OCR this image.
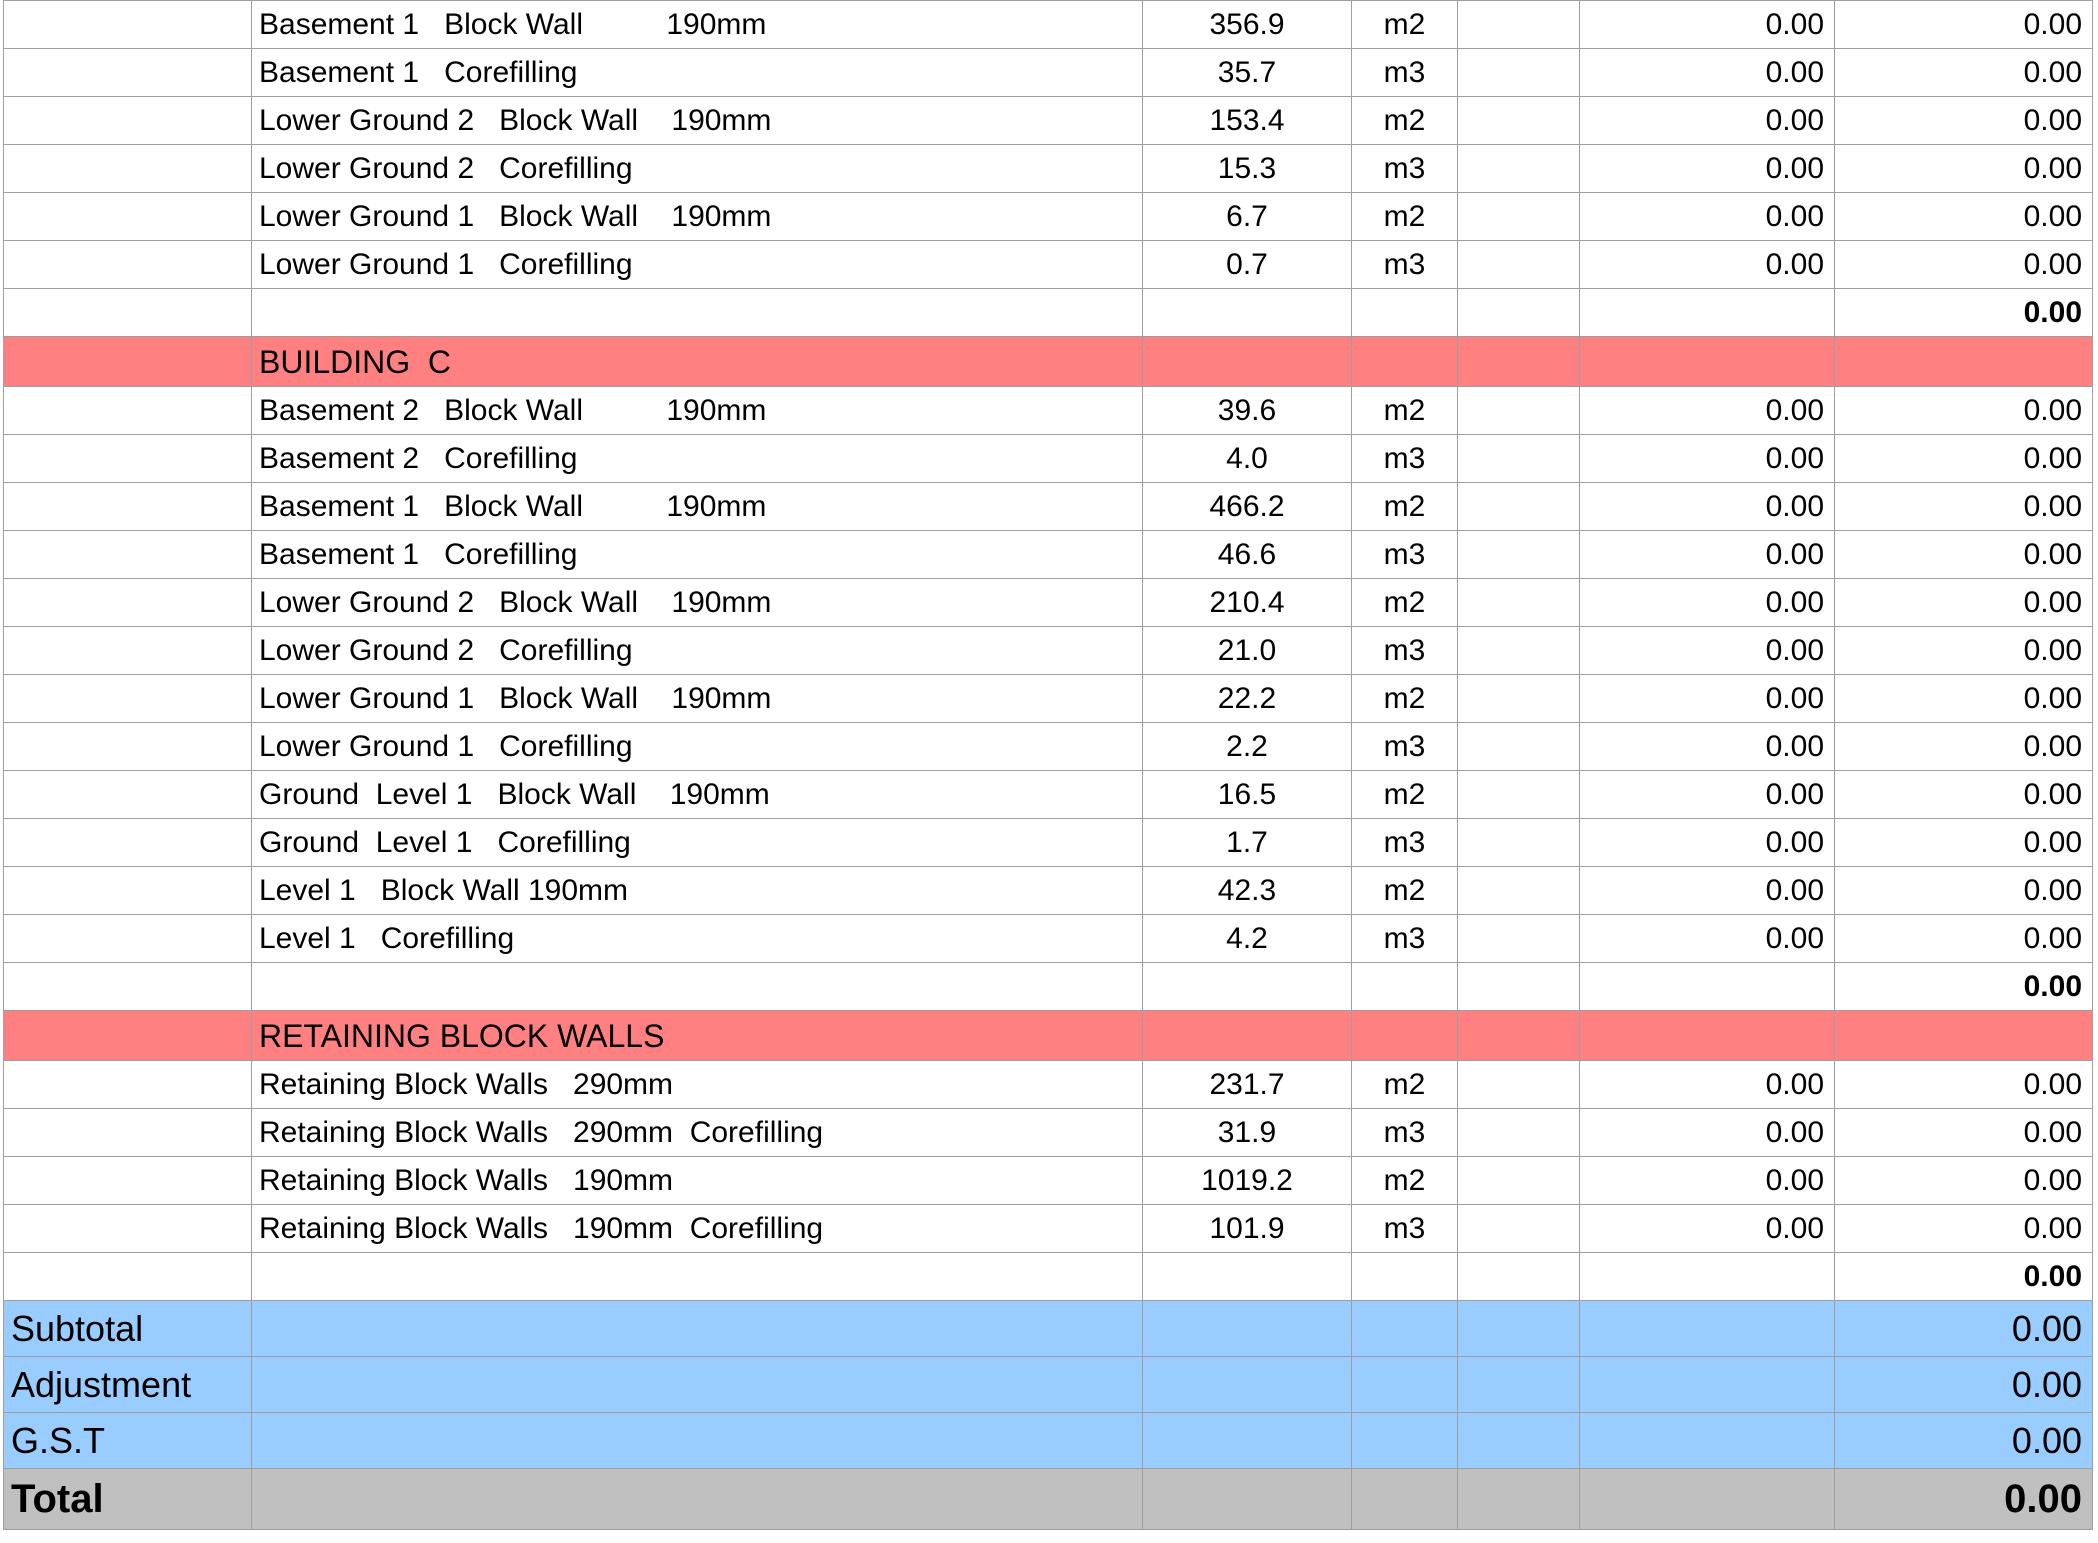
	Basement 1   Block Wall          190mm	356.9	m2		0.00	0.00
	Basement 1   Corefilling	35.7	m3		0.00	0.00
	Lower Ground 2   Block Wall    190mm	153.4	m2		0.00	0.00
	Lower Ground 2   Corefilling	15.3	m3		0.00	0.00
	Lower Ground 1   Block Wall    190mm	6.7	m2		0.00	0.00
	Lower Ground 1   Corefilling	0.7	m3		0.00	0.00
						0.00
	BUILDING  C					
	Basement 2   Block Wall          190mm	39.6	m2		0.00	0.00
	Basement 2   Corefilling	4.0	m3		0.00	0.00
	Basement 1   Block Wall          190mm	466.2	m2		0.00	0.00
	Basement 1   Corefilling	46.6	m3		0.00	0.00
	Lower Ground 2   Block Wall    190mm	210.4	m2		0.00	0.00
	Lower Ground 2   Corefilling	21.0	m3		0.00	0.00
	Lower Ground 1   Block Wall    190mm	22.2	m2		0.00	0.00
	Lower Ground 1   Corefilling	2.2	m3		0.00	0.00
	Ground  Level 1   Block Wall    190mm	16.5	m2		0.00	0.00
	Ground  Level 1   Corefilling	1.7	m3		0.00	0.00
	Level 1   Block Wall 190mm	42.3	m2		0.00	0.00
	Level 1   Corefilling	4.2	m3		0.00	0.00
						0.00
	RETAINING BLOCK WALLS					
	Retaining Block Walls   290mm	231.7	m2		0.00	0.00
	Retaining Block Walls   290mm  Corefilling	31.9	m3		0.00	0.00
	Retaining Block Walls   190mm	1019.2	m2		0.00	0.00
	Retaining Block Walls   190mm  Corefilling	101.9	m3		0.00	0.00
						0.00
Subtotal						0.00
Adjustment						0.00
G.S.T						0.00
Total						0.00
